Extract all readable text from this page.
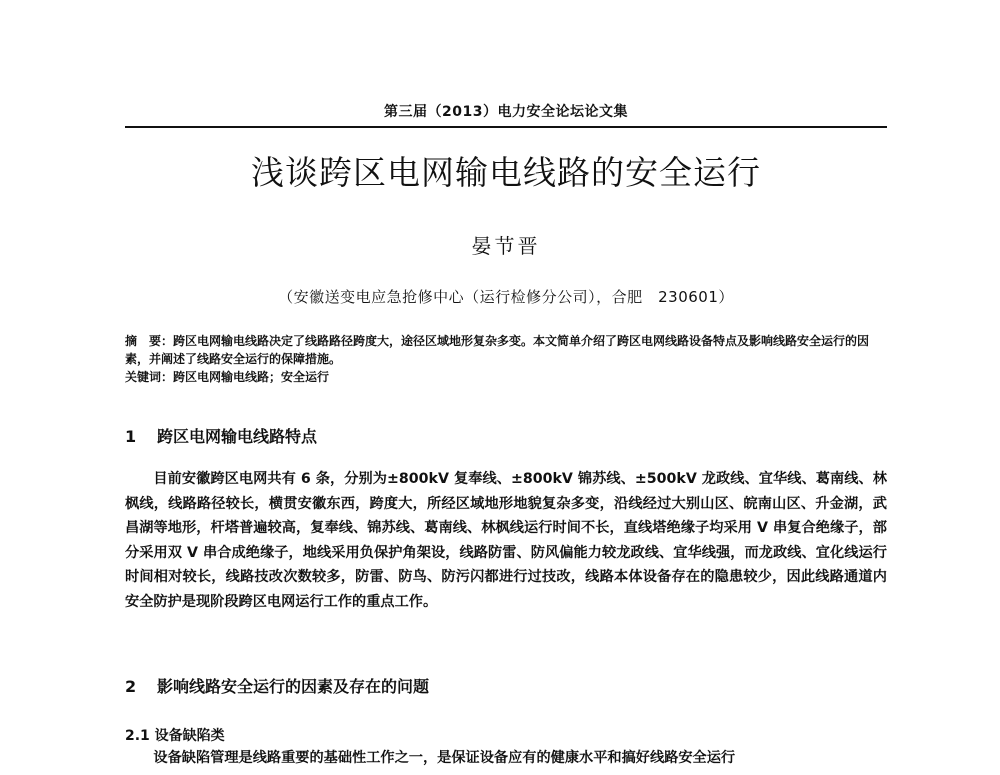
第三届（2013）电力安全论坛论文集
浅谈跨区电网输电线路的安全运行
晏节晋
（安徽送变电应急抢修中心（运行检修分公司），合肥　230601）

摘　要：跨区电网输电线路决定了线路路径跨度大，途径区域地形复杂多变。本文简单介绍了跨区电网线路设备特点及影响线路安全运行的因素，并阐述了线路安全运行的保障措施。

关键词：跨区电网输电线路；安全运行

1 跨区电网输电线路特点

目前安徽跨区电网共有 6 条，分别为±800kV 复奉线、±800kV 锦苏线、±500kV 龙政线、宜华线、葛南线、林枫线，线路路径较长，横贯安徽东西，跨度大，所经区域地形地貌复杂多变，沿线经过大别山区、皖南山区、升金湖，武昌湖等地形，杆塔普遍较高，复奉线、锦苏线、葛南线、林枫线运行时间不长，直线塔绝缘子均采用 V 串复合绝缘子，部分采用双 V 串合成绝缘子，地线采用负保护角架设，线路防雷、防风偏能力较龙政线、宜华线强，而龙政线、宜化线运行时间相对较长，线路技改次数较多，防雷、防鸟、防污闪都进行过技改，线路本体设备存在的隐患较少，因此线路通道内安全防护是现阶段跨区电网运行工作的重点工作。

2 影响线路安全运行的因素及存在的问题
2.1 设备缺陷类

设备缺陷管理是线路重要的基础性工作之一，是保证设备应有的健康水平和搞好线路安全运行
